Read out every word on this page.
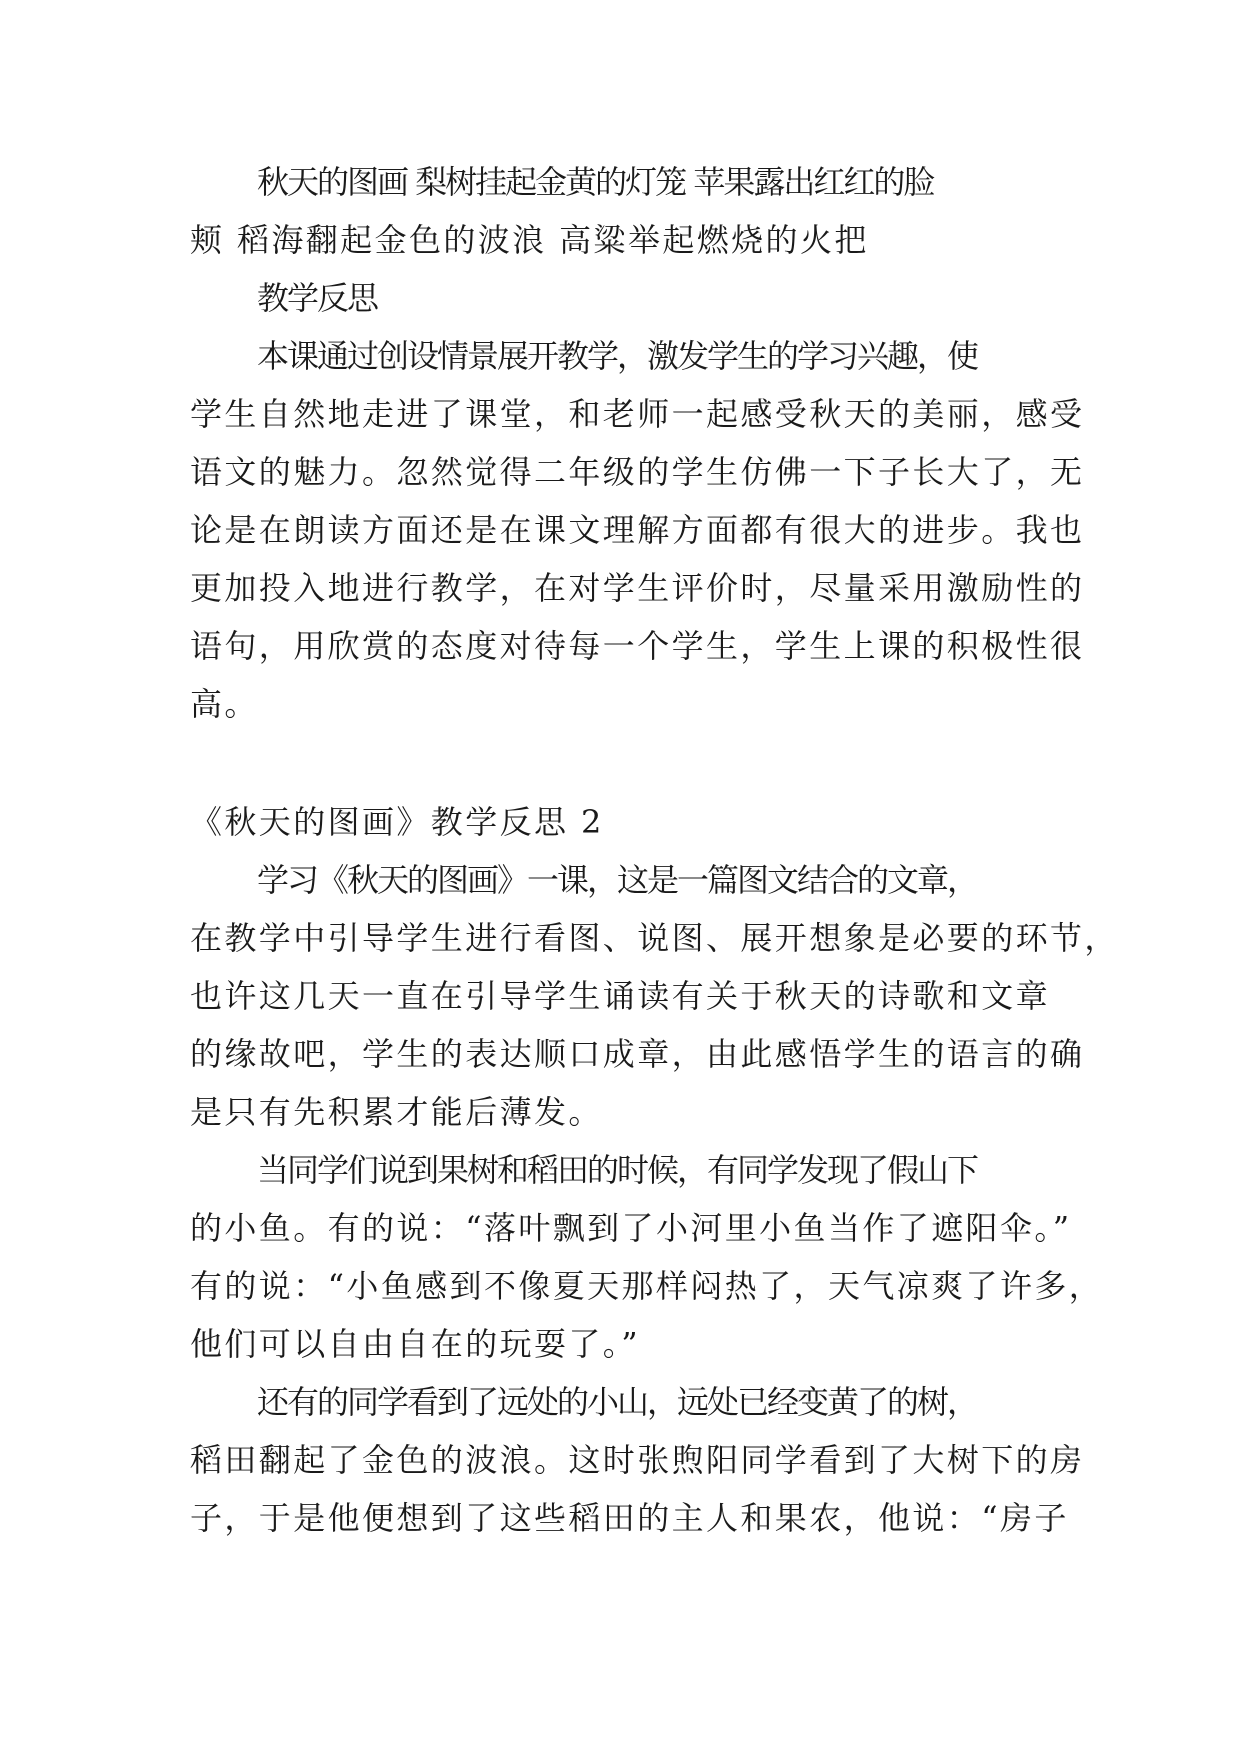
秋天的图画 梨树挂起金黄的灯笼 苹果露出红红的脸
颊 稻海翻起金色的波浪 高粱举起燃烧的火把
教学反思
本课通过创设情景展开教学，激发学生的学习兴趣，使
学生自然地走进了课堂，和老师一起感受秋天的美丽，感受
语文的魅力。忽然觉得二年级的学生仿佛一下子长大了，无
论是在朗读方面还是在课文理解方面都有很大的进步。我也
更加投入地进行教学，在对学生评价时，尽量采用激励性的
语句，用欣赏的态度对待每一个学生，学生上课的积极性很
高。
《秋天的图画》教学反思 2
学习《秋天的图画》一课，这是一篇图文结合的文章，
在教学中引导学生进行看图、说图、展开想象是必要的环节，
也许这几天一直在引导学生诵读有关于秋天的诗歌和文章
的缘故吧，学生的表达顺口成章，由此感悟学生的语言的确
是只有先积累才能后薄发。
当同学们说到果树和稻田的时候，有同学发现了假山下
的小鱼。有的说：“落叶飘到了小河里小鱼当作了遮阳伞。”
有的说：“小鱼感到不像夏天那样闷热了，天气凉爽了许多，
他们可以自由自在的玩耍了。”
还有的同学看到了远处的小山，远处已经变黄了的树，
稻田翻起了金色的波浪。这时张煦阳同学看到了大树下的房
子，于是他便想到了这些稻田的主人和果农，他说：“房子
